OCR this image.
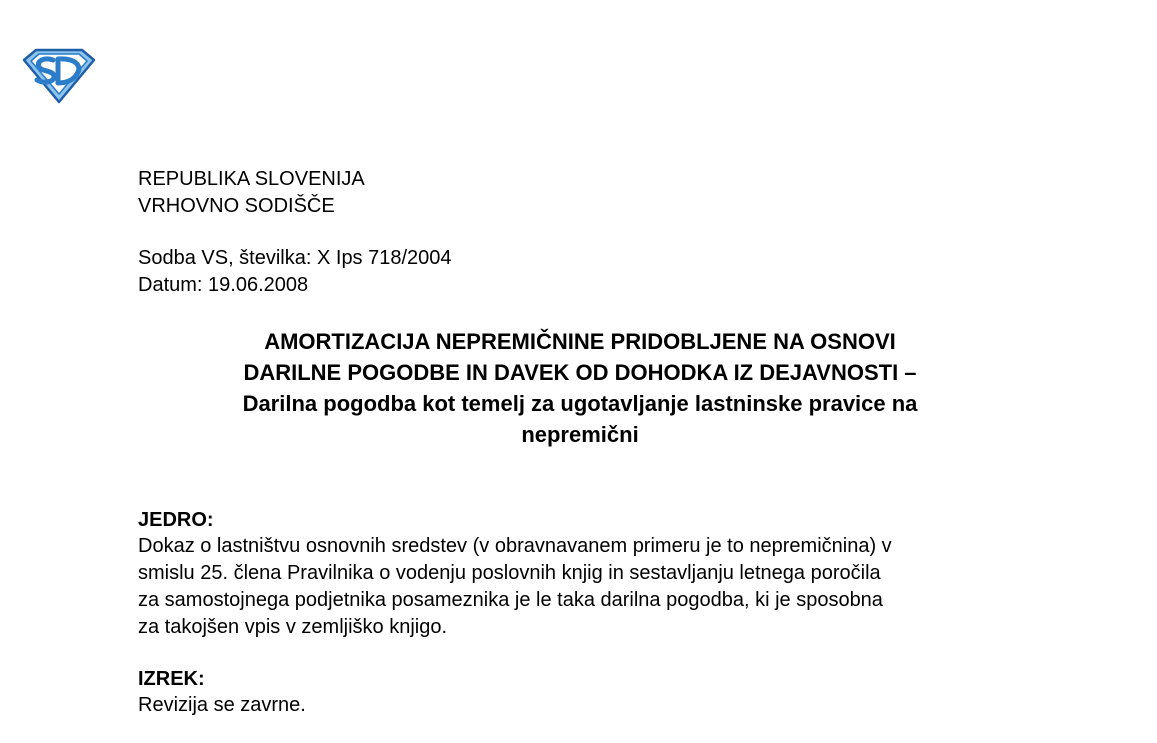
REPUBLIKA SLOVENIJA
VRHOVNO SODIŠČE
Sodba VS, številka: X Ips 718/2004
Datum: 19.06.2008
AMORTIZACIJA NEPREMIČNINE PRIDOBLJENE NA OSNOVI
DARILNE POGODBE IN DAVEK OD DOHODKA IZ DEJAVNOSTI –
Darilna pogodba kot temelj za ugotavljanje lastninske pravice na
nepremični
JEDRO:
Dokaz o lastništvu osnovnih sredstev (v obravnavanem primeru je to nepremičnina) v
smislu 25. člena Pravilnika o vodenju poslovnih knjig in sestavljanju letnega poročila
za samostojnega podjetnika posameznika je le taka darilna pogodba, ki je sposobna
za takojšen vpis v zemljiško knjigo.
IZREK:
Revizija se zavrne.
